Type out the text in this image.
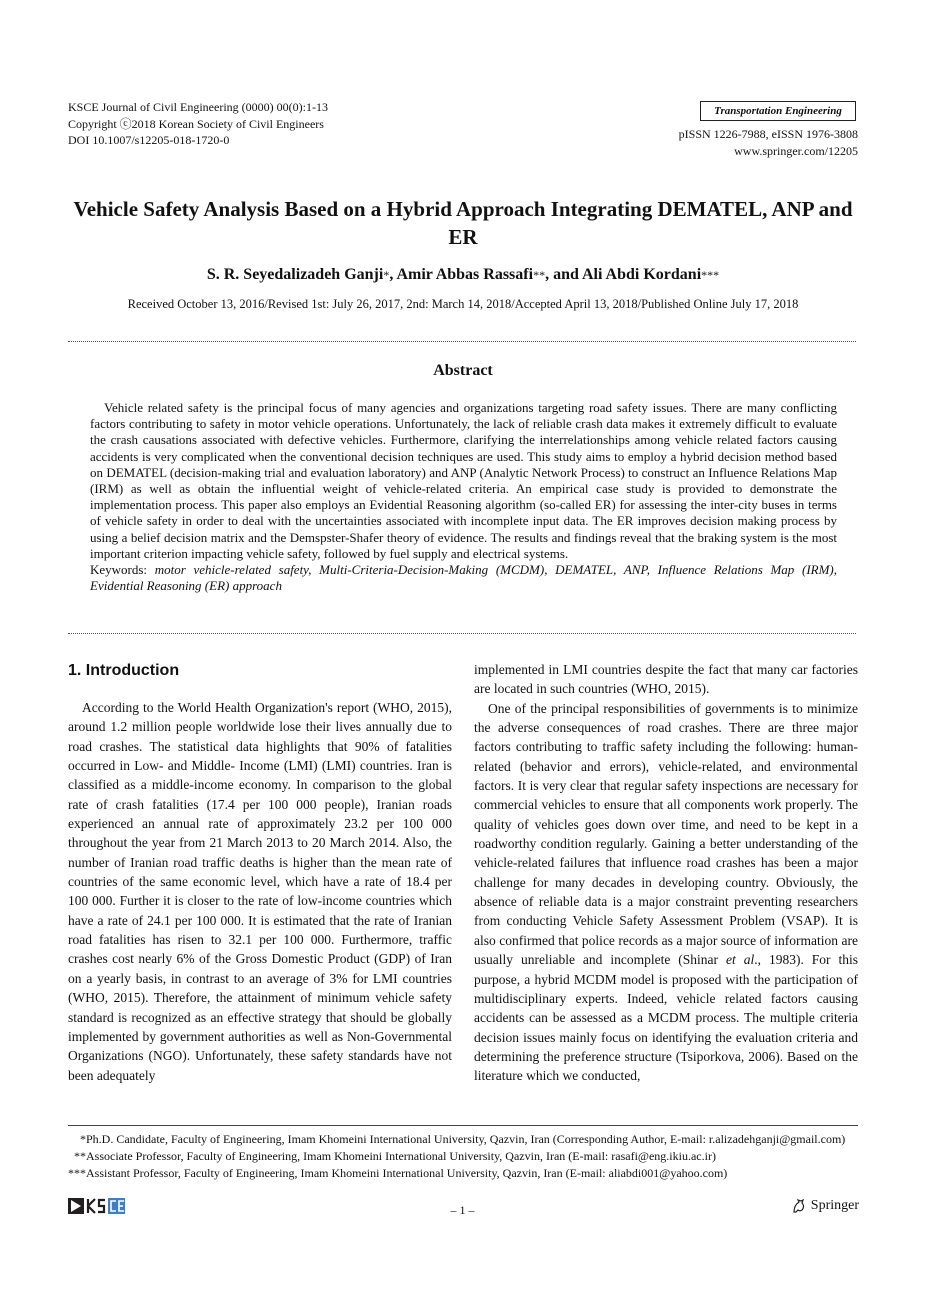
KSCE Journal of Civil Engineering (0000) 00(0):1-13
Copyright ⓒ2018 Korean Society of Civil Engineers
DOI 10.1007/s12205-018-1720-0
Transportation Engineering
pISSN 1226-7988, eISSN 1976-3808
www.springer.com/12205
Vehicle Safety Analysis Based on a Hybrid Approach Integrating DEMATEL, ANP and ER
S. R. Seyedalizadeh Ganji*, Amir Abbas Rassafi**, and Ali Abdi Kordani***
Received October 13, 2016/Revised 1st: July 26, 2017, 2nd: March 14, 2018/Accepted April 13, 2018/Published Online July 17, 2018
Abstract

Vehicle related safety is the principal focus of many agencies and organizations targeting road safety issues. There are many conflicting factors contributing to safety in motor vehicle operations. Unfortunately, the lack of reliable crash data makes it extremely difficult to evaluate the crash causations associated with defective vehicles. Furthermore, clarifying the interrelationships among vehicle related factors causing accidents is very complicated when the conventional decision techniques are used. This study aims to employ a hybrid decision method based on DEMATEL (decision-making trial and evaluation laboratory) and ANP (Analytic Network Process) to construct an Influence Relations Map (IRM) as well as obtain the influential weight of vehicle-related criteria. An empirical case study is provided to demonstrate the implementation process. This paper also employs an Evidential Reasoning algorithm (so-called ER) for assessing the inter-city buses in terms of vehicle safety in order to deal with the uncertainties associated with incomplete input data. The ER improves decision making process by using a belief decision matrix and the Demspster-Shafer theory of evidence. The results and findings reveal that the braking system is the most important criterion impacting vehicle safety, followed by fuel supply and electrical systems.

Keywords: motor vehicle-related safety, Multi-Criteria-Decision-Making (MCDM), DEMATEL, ANP, Influence Relations Map (IRM), Evidential Reasoning (ER) approach

1. Introduction

According to the World Health Organization's report (WHO, 2015), around 1.2 million people worldwide lose their lives annually due to road crashes. The statistical data highlights that 90% of fatalities occurred in Low- and Middle- Income (LMI) (LMI) countries. Iran is classified as a middle-income economy. In comparison to the global rate of crash fatalities (17.4 per 100 000 people), Iranian roads experienced an annual rate of approximately 23.2 per 100 000 throughout the year from 21 March 2013 to 20 March 2014. Also, the number of Iranian road traffic deaths is higher than the mean rate of countries of the same economic level, which have a rate of 18.4 per 100 000. Further it is closer to the rate of low-income countries which have a rate of 24.1 per 100 000. It is estimated that the rate of Iranian road fatalities has risen to 32.1 per 100 000. Furthermore, traffic crashes cost nearly 6% of the Gross Domestic Product (GDP) of Iran on a yearly basis, in contrast to an average of 3% for LMI countries (WHO, 2015). Therefore, the attainment of minimum vehicle safety standard is recognized as an effective strategy that should be globally implemented by government authorities as well as Non-Governmental Organizations (NGO). Unfortunately, these safety standards have not been adequately

implemented in LMI countries despite the fact that many car factories are located in such countries (WHO, 2015).

One of the principal responsibilities of governments is to minimize the adverse consequences of road crashes. There are three major factors contributing to traffic safety including the following: human-related (behavior and errors), vehicle-related, and environmental factors. It is very clear that regular safety inspections are necessary for commercial vehicles to ensure that all components work properly. The quality of vehicles goes down over time, and need to be kept in a roadworthy condition regularly. Gaining a better understanding of the vehicle-related failures that influence road crashes has been a major challenge for many decades in developing country. Obviously, the absence of reliable data is a major constraint preventing researchers from conducting Vehicle Safety Assessment Problem (VSAP). It is also confirmed that police records as a major source of information are usually unreliable and incomplete (Shinar et al., 1983). For this purpose, a hybrid MCDM model is proposed with the participation of multidisciplinary experts. Indeed, vehicle related factors causing accidents can be assessed as a MCDM process. The multiple criteria decision issues mainly focus on identifying the evaluation criteria and determining the preference structure (Tsiporkova, 2006). Based on the literature which we conducted,

*Ph.D. Candidate, Faculty of Engineering, Imam Khomeini International University, Qazvin, Iran (Corresponding Author, E-mail: r.alizadehganji@gmail.com)
**Associate Professor, Faculty of Engineering, Imam Khomeini International University, Qazvin, Iran (E-mail: rasafi@eng.ikiu.ac.ir)
***Assistant Professor, Faculty of Engineering, Imam Khomeini International University, Qazvin, Iran (E-mail: aliabdi001@yahoo.com)
– 1 –	Springer
